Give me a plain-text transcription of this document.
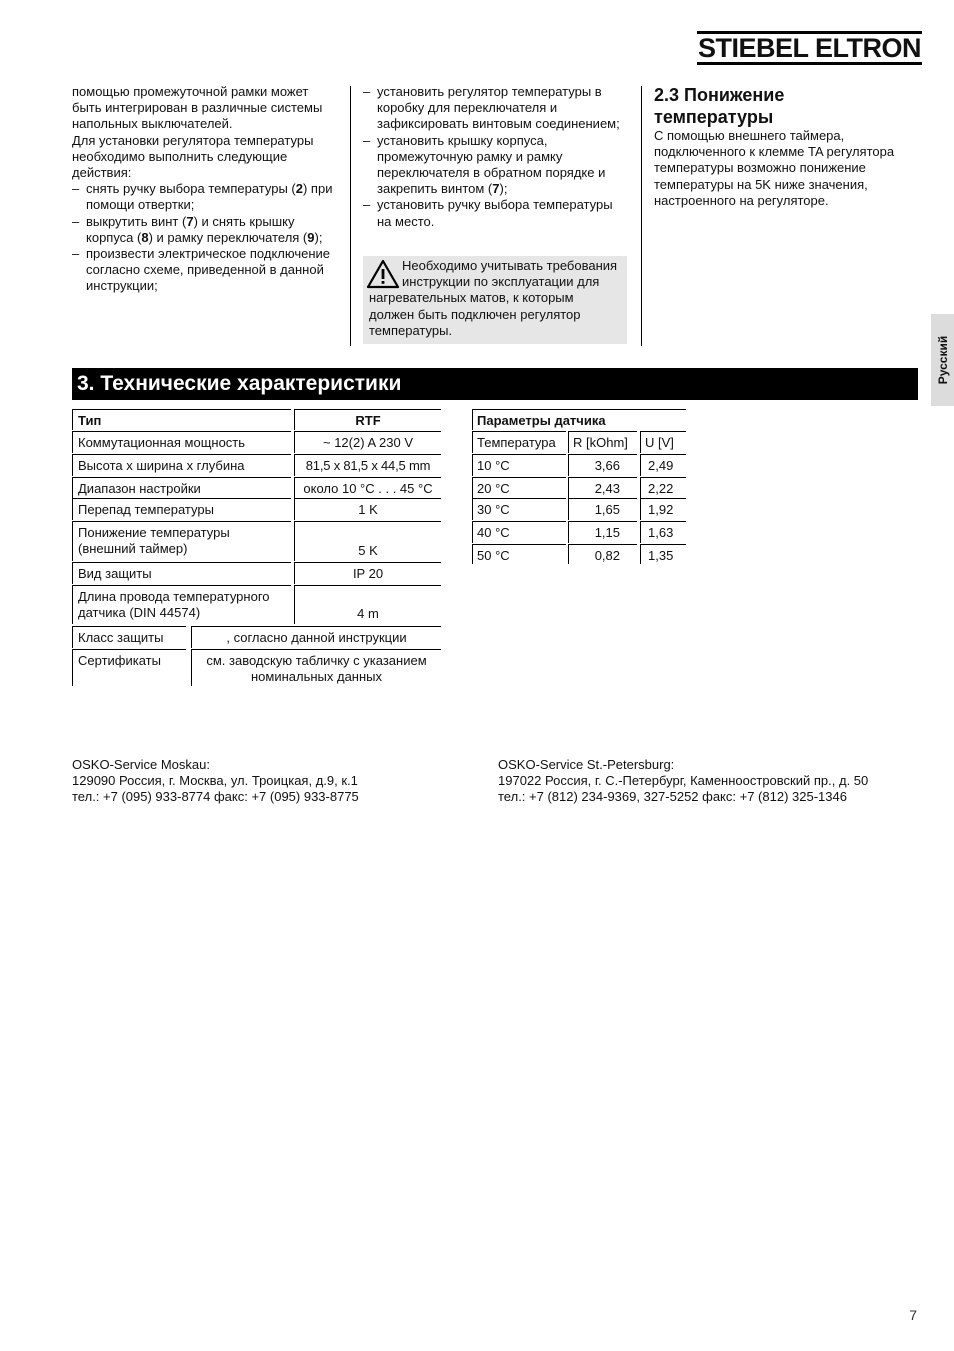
STIEBEL ELTRON

помощью промежуточной рамки может быть интегрирован в различные системы напольных выключателей.

Для установки регулятора температуры необходимо выполнить следующие действия:

– снять ручку выбора температуры (2) при помощи отвертки;

– выкрутить винт (7) и снять крышку корпуса (8) и рамку переключателя (9);

– произвести электрическое подключение согласно схеме, приведенной в данной инструкции;

– установить регулятор температуры в коробку для переключателя и зафиксировать винтовым соединением;

– установить крышку корпуса, промежуточную рамку и рамку переключателя в обратном порядке и закрепить винтом (7);

– установить ручку выбора температуры на место.

Необходимо учитывать требования инструкции по эксплуатации для нагревательных матов, к которым должен быть подключен регулятор температуры.

2.3 Понижение
температуры

С помощью внешнего таймера, подключенного к клемме TA регулятора температуры возможно понижение температуры на 5K ниже значения, настроенного на регуляторе.

Русский
3. Технические характеристики
Тип	RTF
Коммутационная мощность	~ 12(2) A 230 V
Высота x ширина x глубина	81,5 x 81,5 x 44,5 mm
Диапазон настройки	около 10 °C . . . 45 °C
Перепад температуры	1 K
Понижение температуры
(внешний таймер)	5 K
Вид защиты	IP 20
Длина провода температурного
датчика (DIN 44574)	4 m
Класс защиты	, согласно данной инструкции
Сертификаты	см. заводскую табличку с указанием
номинальных данных
Параметры датчика
Температура	R [kOhm]	U [V]
10 °C	3,66	2,49
20 °C	2,43	2,22
30 °C	1,65	1,92
40 °C	1,15	1,63
50 °C	0,82	1,35

OSKO-Service Moskau:

129090 Россия, г. Москва, ул. Троицкая, д.9, к.1

тел.: +7 (095) 933-8774 факс: +7 (095) 933-8775

OSKO-Service St.-Petersburg:

197022 Россия, г. С.-Петербург, Каменноостровский пр., д. 50

тел.: +7 (812) 234-9369, 327-5252 факс: +7 (812) 325-1346

7
